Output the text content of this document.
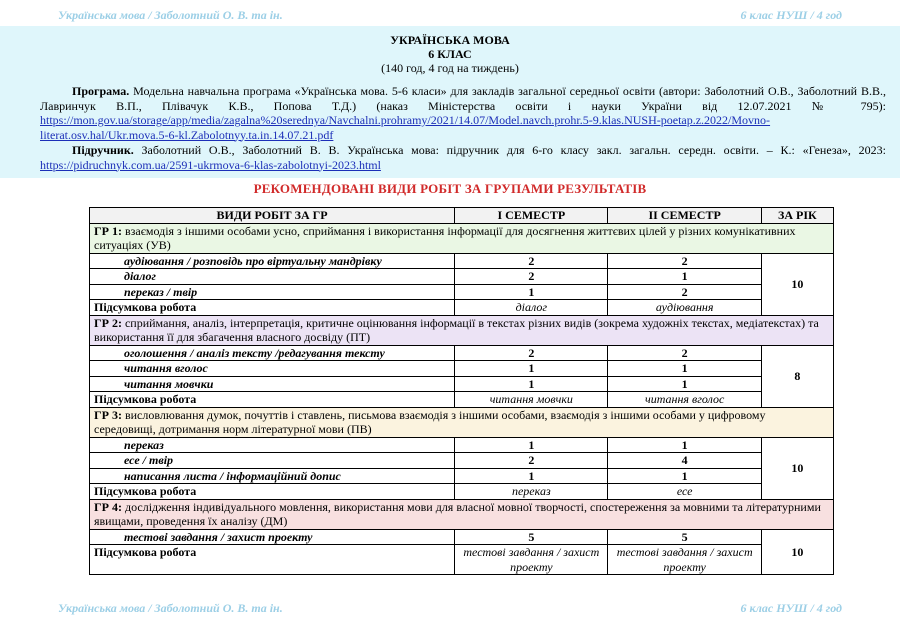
Українська мова / Заболотний О. В. та ін.	6 клас НУШ / 4 год
УКРАЇНСЬКА МОВА
6 КЛАС
(140 год, 4 год на тиждень)
Програма. Модельна навчальна програма «Українська мова. 5-6 класи» для закладів загальної середньої освіти (автори: Заболотний О.В., Заболотний В.В., Лавринчук В.П., Плівачук К.В., Попова Т.Д.) (наказ Міністерства освіти і науки України від 12.07.2021 № 795): https://mon.gov.ua/storage/app/media/zagalna%20serednya/Navchalni.prohramy/2021/14.07/Model.navch.prohr.5-9.klas.NUSH-poetap.z.2022/Movno-literat.osv.hal/Ukr.mova.5-6-kl.Zabolotnyy.ta.in.14.07.21.pdf
Підручник. Заболотний О.В., Заболотний В. В. Українська мова: підручник для 6-го класу закл. загальн. середн. освіти. – К.: «Генеза», 2023: https://pidruchnyk.com.ua/2591-ukrmova-6-klas-zabolotnyi-2023.html
РЕКОМЕНДОВАНІ ВИДИ РОБІТ ЗА ГРУПАМИ РЕЗУЛЬТАТІВ
ВИДИ РОБІТ ЗА ГР	І СЕМЕСТР	ІІ СЕМЕСТР	ЗА РІК
ГР 1: взаємодія з іншими особами усно, сприймання і використання інформації для досягнення життєвих цілей у різних комунікативних ситуаціях (УВ)			
аудіювання / розповідь про віртуальну мандрівку	2	2	10
діалог	2	1	
переказ / твір	1	2	
Підсумкова робота	діалог	аудіювання	
ГР 2: сприймання, аналіз, інтерпретація, критичне оцінювання інформації в текстах різних видів (зокрема художніх текстах, медіатекстах) та використання її для збагачення власного досвіду (ПТ)			
оголошення / аналіз тексту /редагування тексту	2	2	8
читання вголос	1	1	
читання мовчки	1	1	
Підсумкова робота	читання мовчки	читання вголос	
ГР 3: висловлювання думок, почуттів і ставлень, письмова взаємодія з іншими особами, взаємодія з іншими особами у цифровому середовищі, дотримання норм літературної мови (ПВ)			
переказ	1	1	10
есе / твір	2	4	
написання листа / інформаційний допис	1	1	
Підсумкова робота	переказ	есе	
ГР 4: дослідження індивідуального мовлення, використання мови для власної мовної творчості, спостереження за мовними та літературними явищами, проведення їх аналізу (ДМ)			
тестові завдання / захист проекту	5	5	10
Підсумкова робота	тестові завдання / захист проекту	тестові завдання / захист проекту	
Українська мова / Заболотний О. В. та ін.	6 клас НУШ / 4 год
